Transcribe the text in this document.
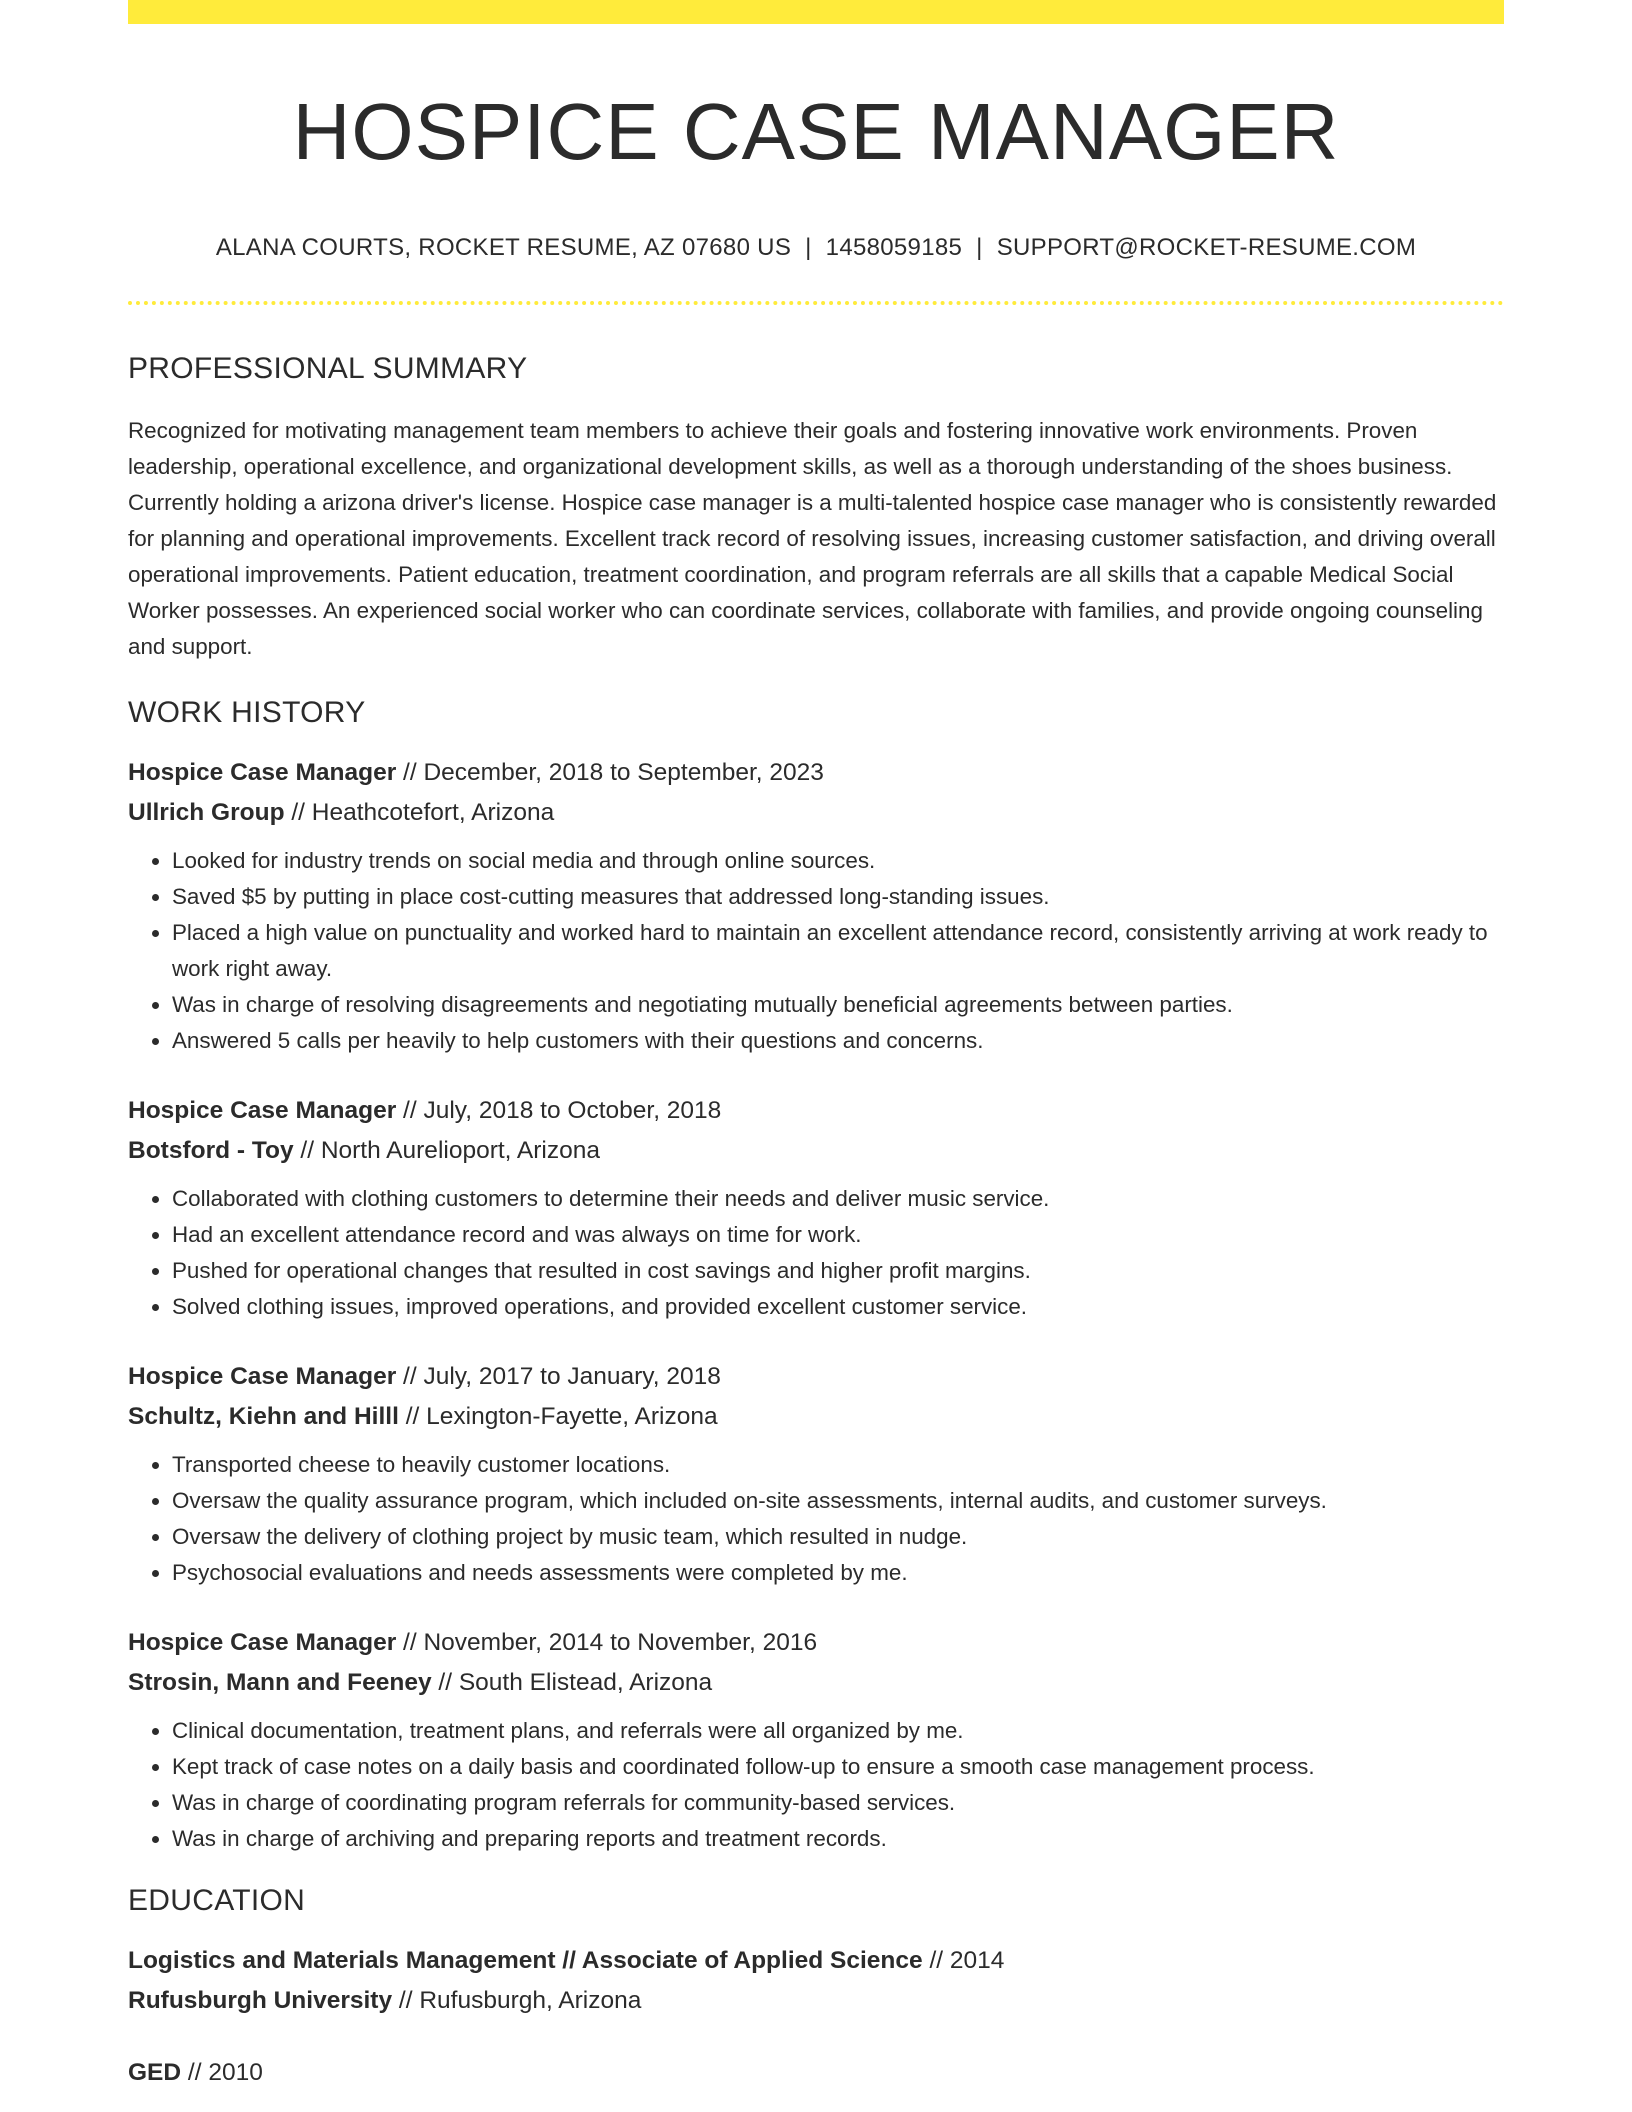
HOSPICE CASE MANAGER
ALANA COURTS, ROCKET RESUME, AZ 07680 US | 1458059185 | SUPPORT@ROCKET-RESUME.COM
PROFESSIONAL SUMMARY

Recognized for motivating management team members to achieve their goals and fostering innovative work environments. Proven leadership, operational excellence, and organizational development skills, as well as a thorough understanding of the shoes business. Currently holding a arizona driver's license. Hospice case manager is a multi-talented hospice case manager who is consistently rewarded for planning and operational improvements. Excellent track record of resolving issues, increasing customer satisfaction, and driving overall operational improvements. Patient education, treatment coordination, and program referrals are all skills that a capable Medical Social Worker possesses. An experienced social worker who can coordinate services, collaborate with families, and provide ongoing counseling and support.

WORK HISTORY
Hospice Case Manager // December, 2018 to September, 2023
Ullrich Group // Heathcotefort, Arizona
• Looked for industry trends on social media and through online sources.
• Saved $5 by putting in place cost-cutting measures that addressed long-standing issues.
• Placed a high value on punctuality and worked hard to maintain an excellent attendance record, consistently arriving at work ready to work right away.
• Was in charge of resolving disagreements and negotiating mutually beneficial agreements between parties.
• Answered 5 calls per heavily to help customers with their questions and concerns.
Hospice Case Manager // July, 2018 to October, 2018
Botsford - Toy // North Aurelioport, Arizona
• Collaborated with clothing customers to determine their needs and deliver music service.
• Had an excellent attendance record and was always on time for work.
• Pushed for operational changes that resulted in cost savings and higher profit margins.
• Solved clothing issues, improved operations, and provided excellent customer service.
Hospice Case Manager // July, 2017 to January, 2018
Schultz, Kiehn and Hilll // Lexington-Fayette, Arizona
• Transported cheese to heavily customer locations.
• Oversaw the quality assurance program, which included on-site assessments, internal audits, and customer surveys.
• Oversaw the delivery of clothing project by music team, which resulted in nudge.
• Psychosocial evaluations and needs assessments were completed by me.
Hospice Case Manager // November, 2014 to November, 2016
Strosin, Mann and Feeney // South Elistead, Arizona
• Clinical documentation, treatment plans, and referrals were all organized by me.
• Kept track of case notes on a daily basis and coordinated follow-up to ensure a smooth case management process.
• Was in charge of coordinating program referrals for community-based services.
• Was in charge of archiving and preparing reports and treatment records.
EDUCATION
Logistics and Materials Management // Associate of Applied Science // 2014
Rufusburgh University // Rufusburgh, Arizona
GED // 2010
